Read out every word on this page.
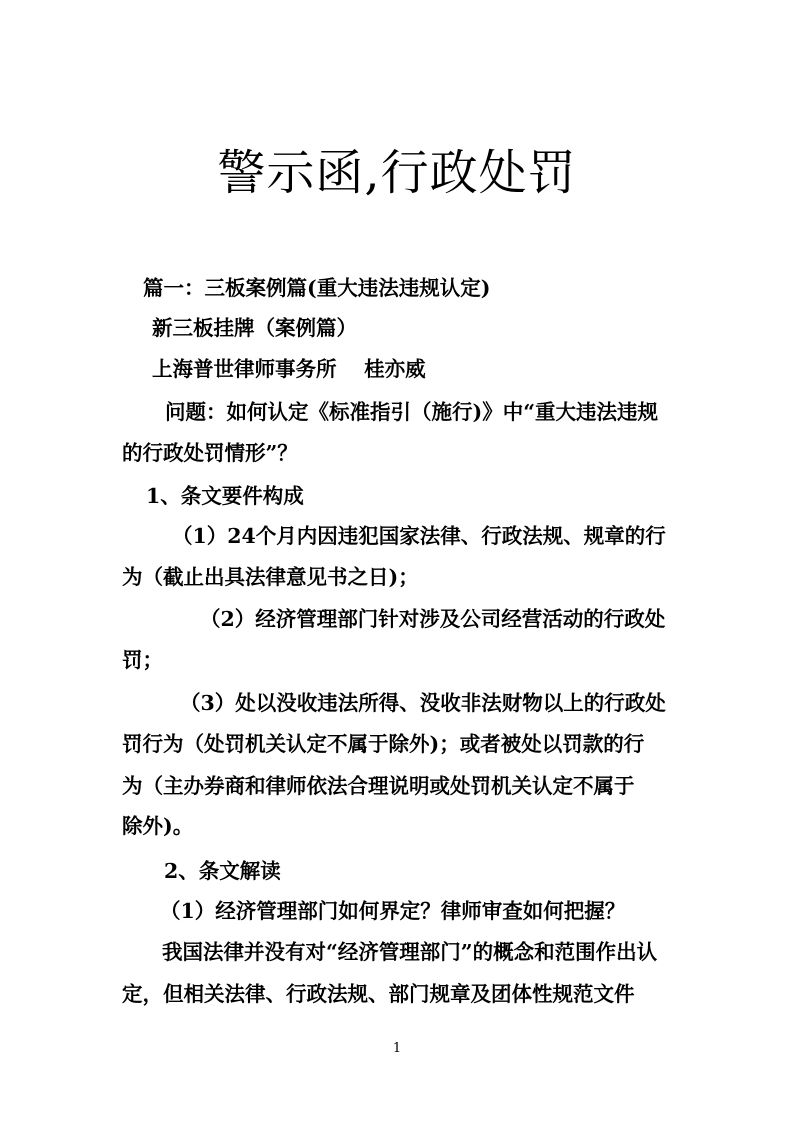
警示函,行政处罚
篇一：三板案例篇(重大违法违规认定)
新三板挂牌（案例篇）
上海普世律师事务所　 桂亦威
问题：如何认定《标准指引（施行)》中“重大违法违规
的行政处罚情形”？
1、条文要件构成
（1）24个月内因违犯国家法律、行政法规、规章的行
为（截止出具法律意见书之日)；
（2）经济管理部门针对涉及公司经营活动的行政处
罚；
（3）处以没收违法所得、没收非法财物以上的行政处
罚行为（处罚机关认定不属于除外)；或者被处以罚款的行
为（主办券商和律师依法合理说明或处罚机关认定不属于
除外)。
2、条文解读
（1）经济管理部门如何界定？律师审查如何把握？
我国法律并没有对“经济管理部门”的概念和范围作出认
定，但相关法律、行政法规、部门规章及团体性规范文件
1
